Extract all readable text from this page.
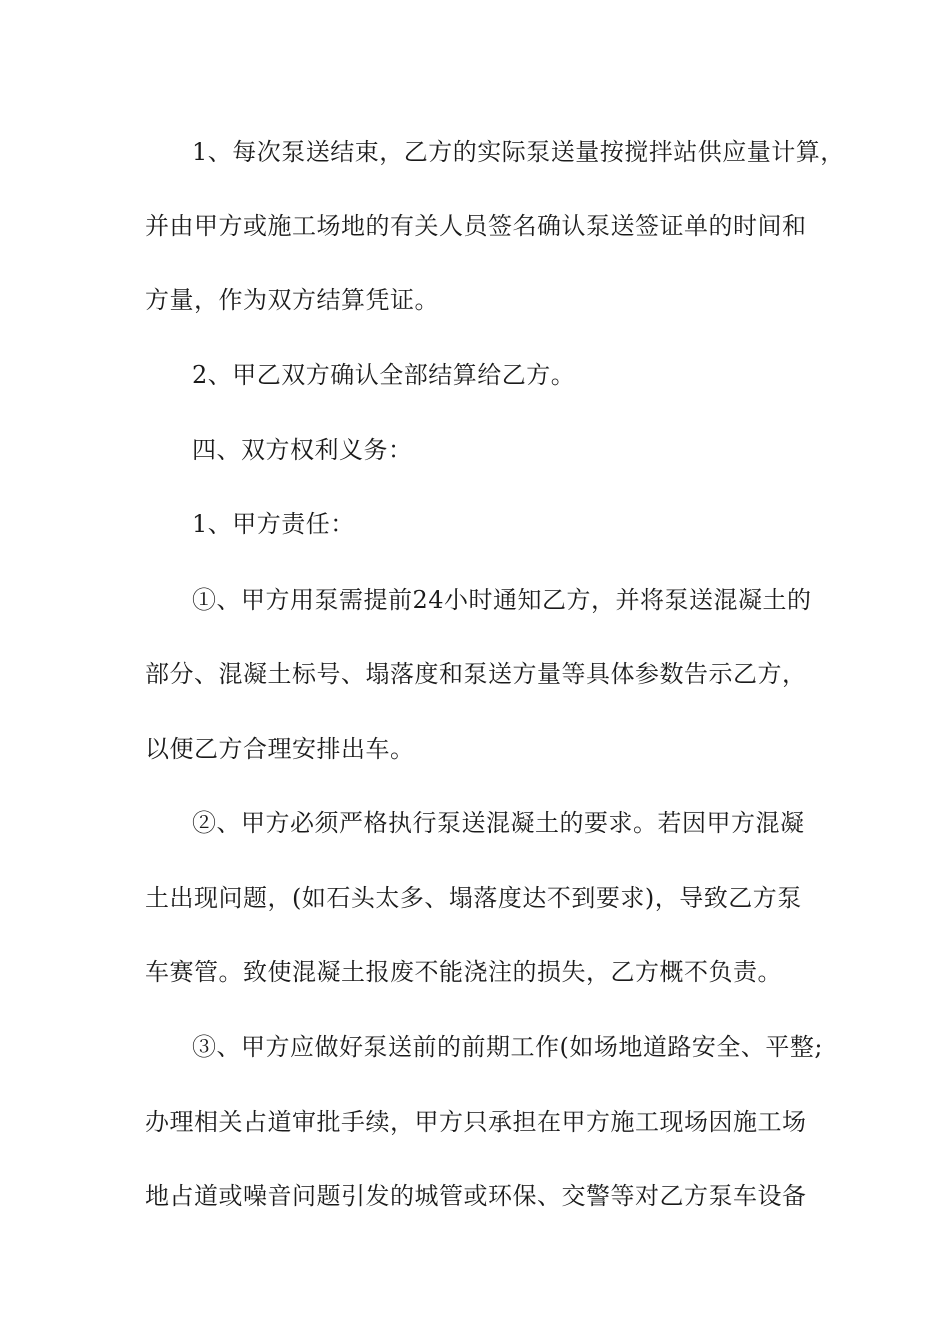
1、每次泵送结束，乙方的实际泵送量按搅拌站供应量计算，
并由甲方或施工场地的有关人员签名确认泵送签证单的时间和
方量，作为双方结算凭证。
2、甲乙双方确认全部结算给乙方。
四、双方权利义务：
1、甲方责任：
①、甲方用泵需提前24小时通知乙方，并将泵送混凝土的
部分、混凝土标号、塌落度和泵送方量等具体参数告示乙方，
以便乙方合理安排出车。
②、甲方必须严格执行泵送混凝土的要求。若因甲方混凝
土出现问题，(如石头太多、塌落度达不到要求)，导致乙方泵
车赛管。致使混凝土报废不能浇注的损失，乙方概不负责。
③、甲方应做好泵送前的前期工作(如场地道路安全、平整;
办理相关占道审批手续，甲方只承担在甲方施工现场因施工场
地占道或噪音问题引发的城管或环保、交警等对乙方泵车设备
